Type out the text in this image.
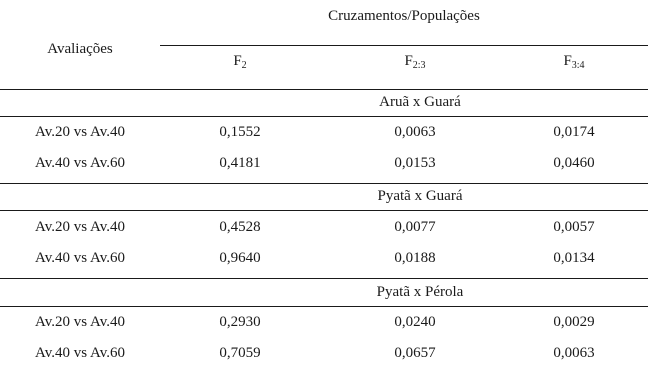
Avaliações
Cruzamentos/Populações
$F_2$	$F_{2:3}$	$F_{3:4}$
Aruã x Guará
Av.20 vs Av.40	0,1552	0,0063	0,0174
Av.40 vs Av.60	0,4181	0,0153	0,0460
Pyatã x Guará
Av.20 vs Av.40	0,4528	0,0077	0,0057
Av.40 vs Av.60	0,9640	0,0188	0,0134
Pyatã x Pérola
Av.20 vs Av.40	0,2930	0,0240	0,0029
Av.40 vs Av.60	0,7059	0,0657	0,0063
